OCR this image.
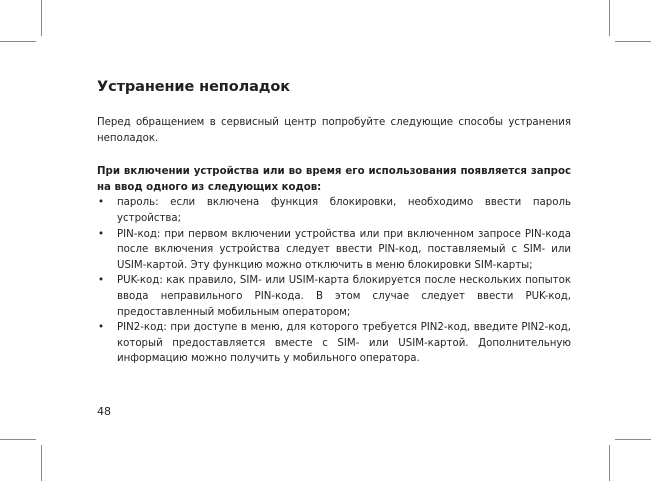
Устранение неполадок

Перед обращением в сервисный центр попробуйте следующие способы устранения неполадок.

При включении устройства или во время его использования появляется запрос на ввод одного из следующих кодов:

• пароль: если включена функция блокировки, необходимо ввести пароль устройства;
• PIN-код: при первом включении устройства или при включенном запросе PIN-кода после включения устройства следует ввести PIN-код, поставляемый с SIM- или USIM-картой. Эту функцию можно отключить в меню блокировки SIM-карты;
• PUK-код: как правило, SIM- или USIM-карта блокируется после нескольких попыток ввода неправильного PIN-кода. В этом случае следует ввести PUK-код, предоставленный мобильным оператором;
• PIN2-код: при доступе в меню, для которого требуется PIN2-код, введите PIN2-код, который предоставляется вместе с SIM- или USIM-картой. Дополнительную информацию можно получить у мобильного оператора.
48
